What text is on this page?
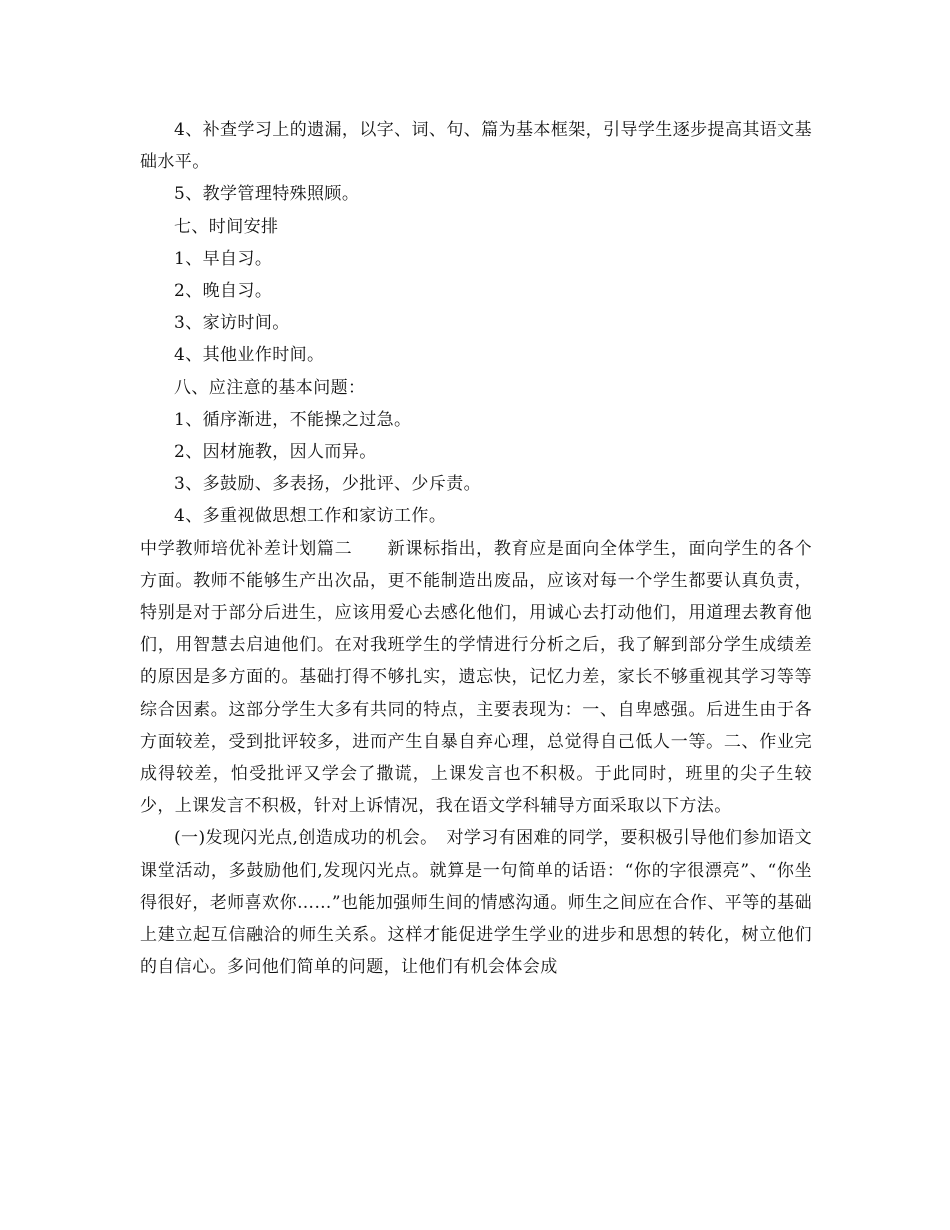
4、补查学习上的遗漏，以字、词、句、篇为基本框架，引导学生逐步提高其语文基础水平。

5、教学管理特殊照顾。

七、时间安排

1、早自习。

2、晚自习。

3、家访时间。

4、其他业作时间。

八、应注意的基本问题：

1、循序渐进，不能操之过急。

2、因材施教，因人而异。

3、多鼓励、多表扬，少批评、少斥责。

4、多重视做思想工作和家访工作。

中学教师培优补差计划篇二　　新课标指出，教育应是面向全体学生，面向学生的各个方面。教师不能够生产出次品，更不能制造出废品，应该对每一个学生都要认真负责，特别是对于部分后进生，应该用爱心去感化他们，用诚心去打动他们，用道理去教育他们，用智慧去启迪他们。在对我班学生的学情进行分析之后，我了解到部分学生成绩差的原因是多方面的。基础打得不够扎实，遗忘快，记忆力差，家长不够重视其学习等等综合因素。这部分学生大多有共同的特点，主要表现为：一、自卑感强。后进生由于各方面较差，受到批评较多，进而产生自暴自弃心理，总觉得自己低人一等。二、作业完成得较差，怕受批评又学会了撒谎，上课发言也不积极。于此同时，班里的尖子生较少，上课发言不积极，针对上诉情况，我在语文学科辅导方面采取以下方法。

(一)发现闪光点,创造成功的机会。　对学习有困难的同学，要积极引导他们参加语文课堂活动，多鼓励他们,发现闪光点。就算是一句简单的话语：“你的字很漂亮”、“你坐得很好，老师喜欢你……”也能加强师生间的情感沟通。师生之间应在合作、平等的基础上建立起互信融洽的师生关系。这样才能促进学生学业的进步和思想的转化，树立他们的自信心。多问他们简单的问题，让他们有机会体会成
